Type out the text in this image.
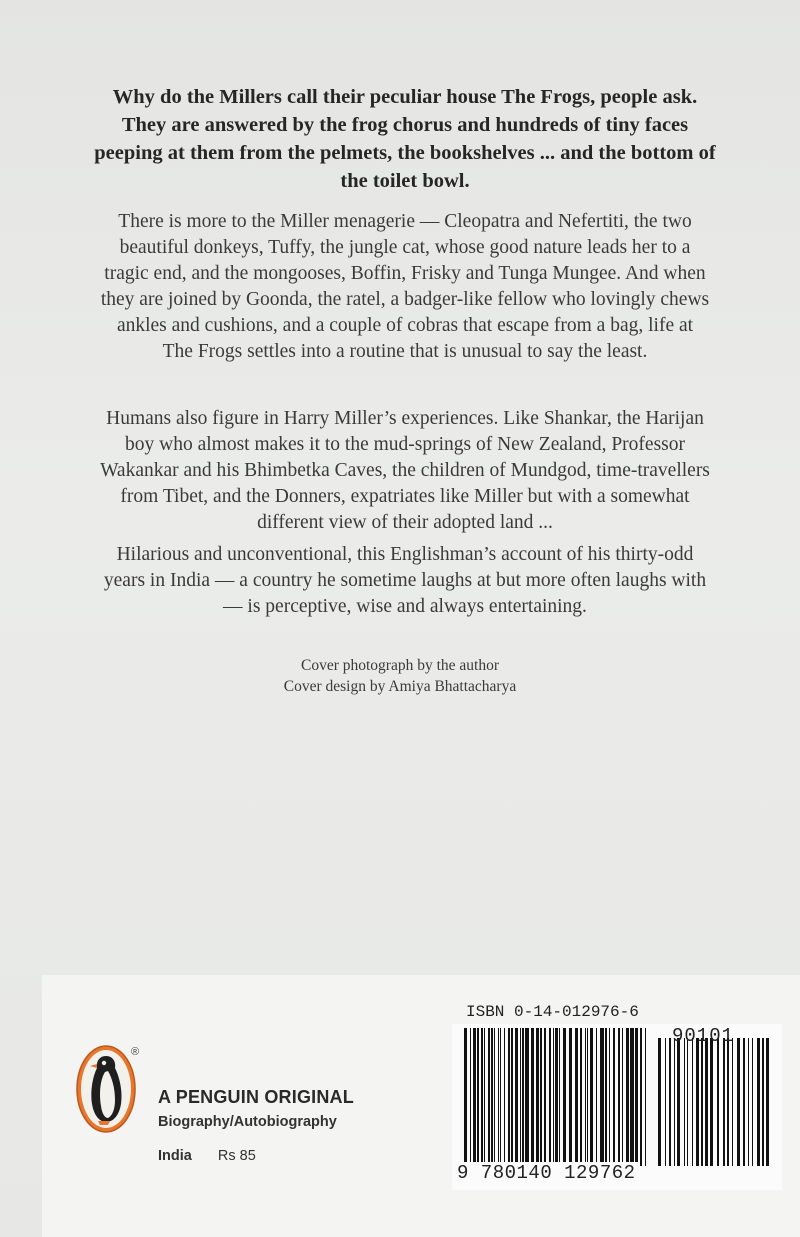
Why do the Millers call their peculiar house The Frogs, people ask. They are answered by the frog chorus and hundreds of tiny faces peeping at them from the pelmets, the bookshelves ... and the bottom of the toilet bowl.
There is more to the Miller menagerie — Cleopatra and Nefertiti, the two beautiful donkeys, Tuffy, the jungle cat, whose good nature leads her to a tragic end, and the mongooses, Boffin, Frisky and Tunga Mungee. And when they are joined by Goonda, the ratel, a badger-like fellow who lovingly chews ankles and cushions, and a couple of cobras that escape from a bag, life at The Frogs settles into a routine that is unusual to say the least.
Humans also figure in Harry Miller’s experiences. Like Shankar, the Harijan boy who almost makes it to the mud-springs of New Zealand, Professor Wakankar and his Bhimbetka Caves, the children of Mundgod, time-travellers from Tibet, and the Donners, expatriates like Miller but with a somewhat different view of their adopted land ...
Hilarious and unconventional, this Englishman’s account of his thirty-odd years in India — a country he sometime laughs at but more often laughs with — is perceptive, wise and always entertaining.
Cover photograph by the author
Cover design by Amiya Bhattacharya
®
A PENGUIN ORIGINAL
Biography/Autobiography
India Rs 85
ISBN 0-14-012976-6
90101
9 780140 129762
